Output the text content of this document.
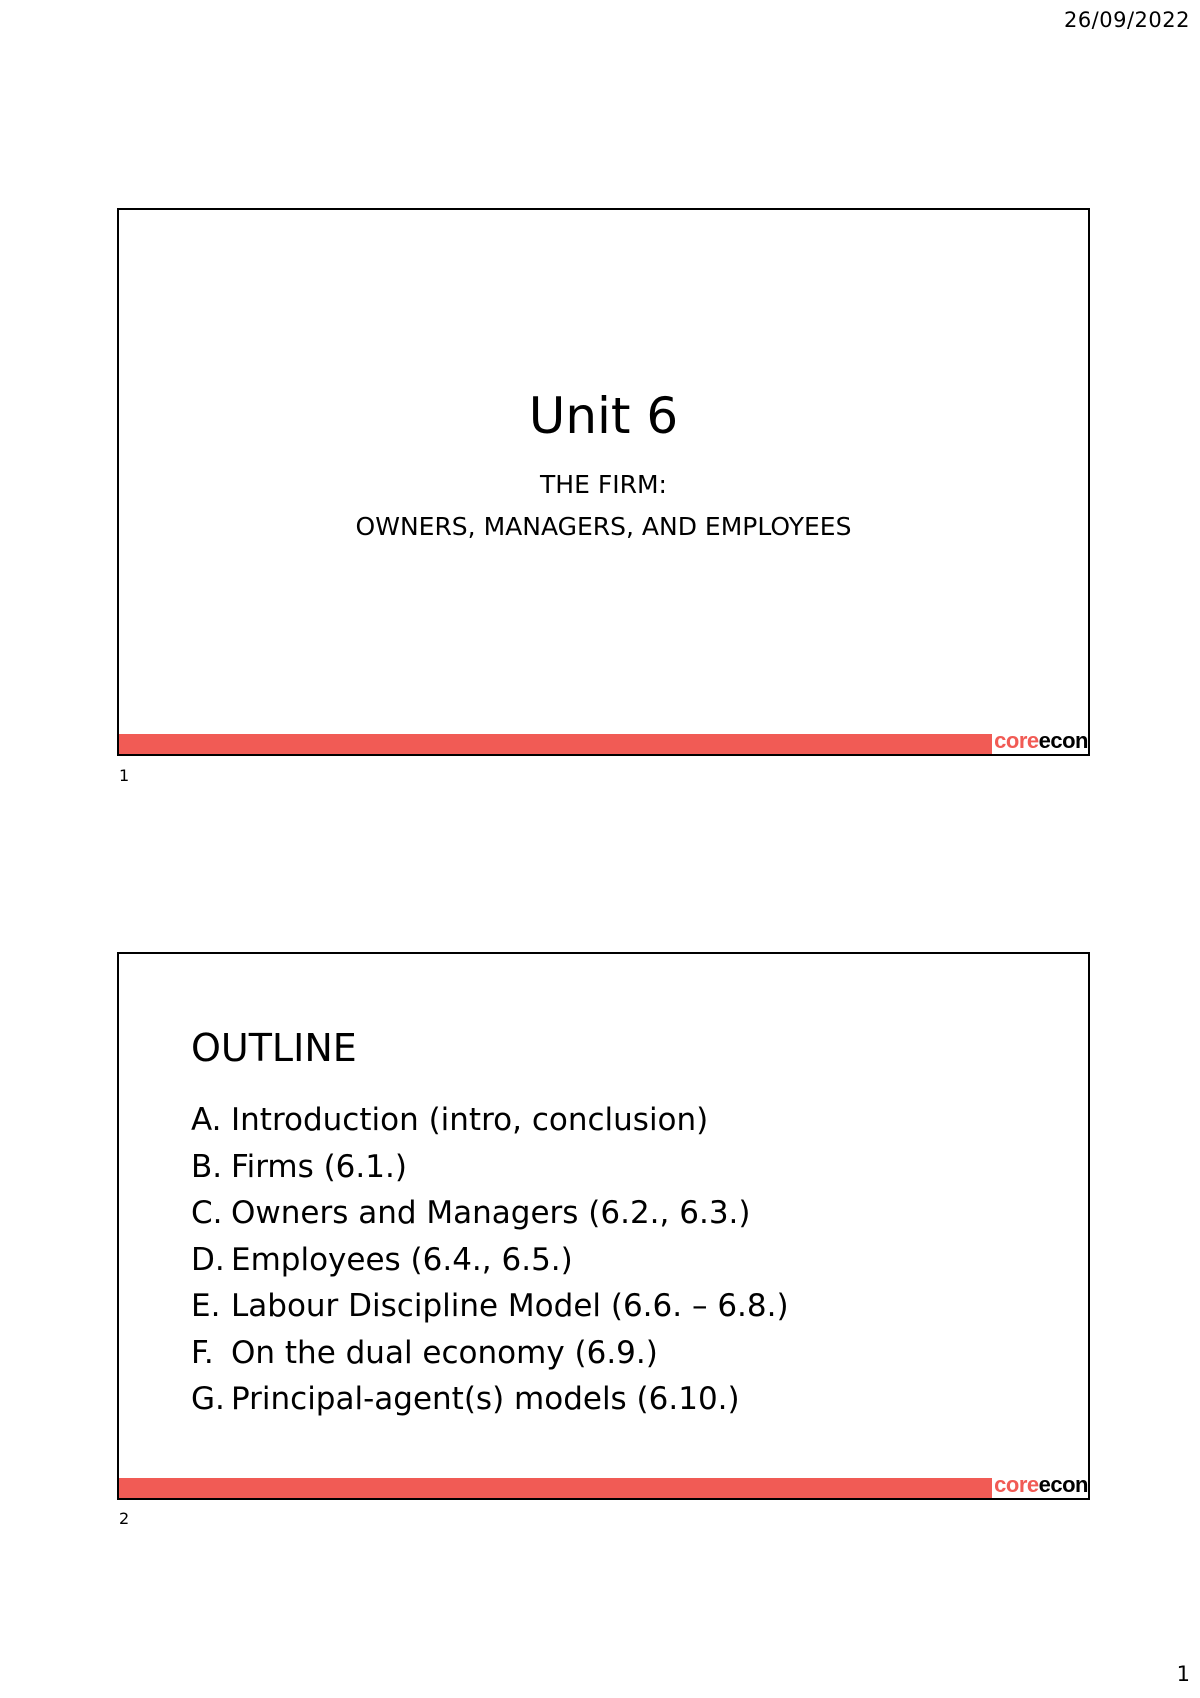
26/09/2022
Unit 6
THE FIRM:
OWNERS, MANAGERS, AND EMPLOYEES
coreecon
1
OUTLINE
A. Introduction (intro, conclusion)
B. Firms (6.1.)
C. Owners and Managers (6.2., 6.3.)
D. Employees (6.4., 6.5.)
E. Labour Discipline Model (6.6. – 6.8.)
F. On the dual economy (6.9.)
G. Principal-agent(s) models (6.10.)
coreecon
2
1
